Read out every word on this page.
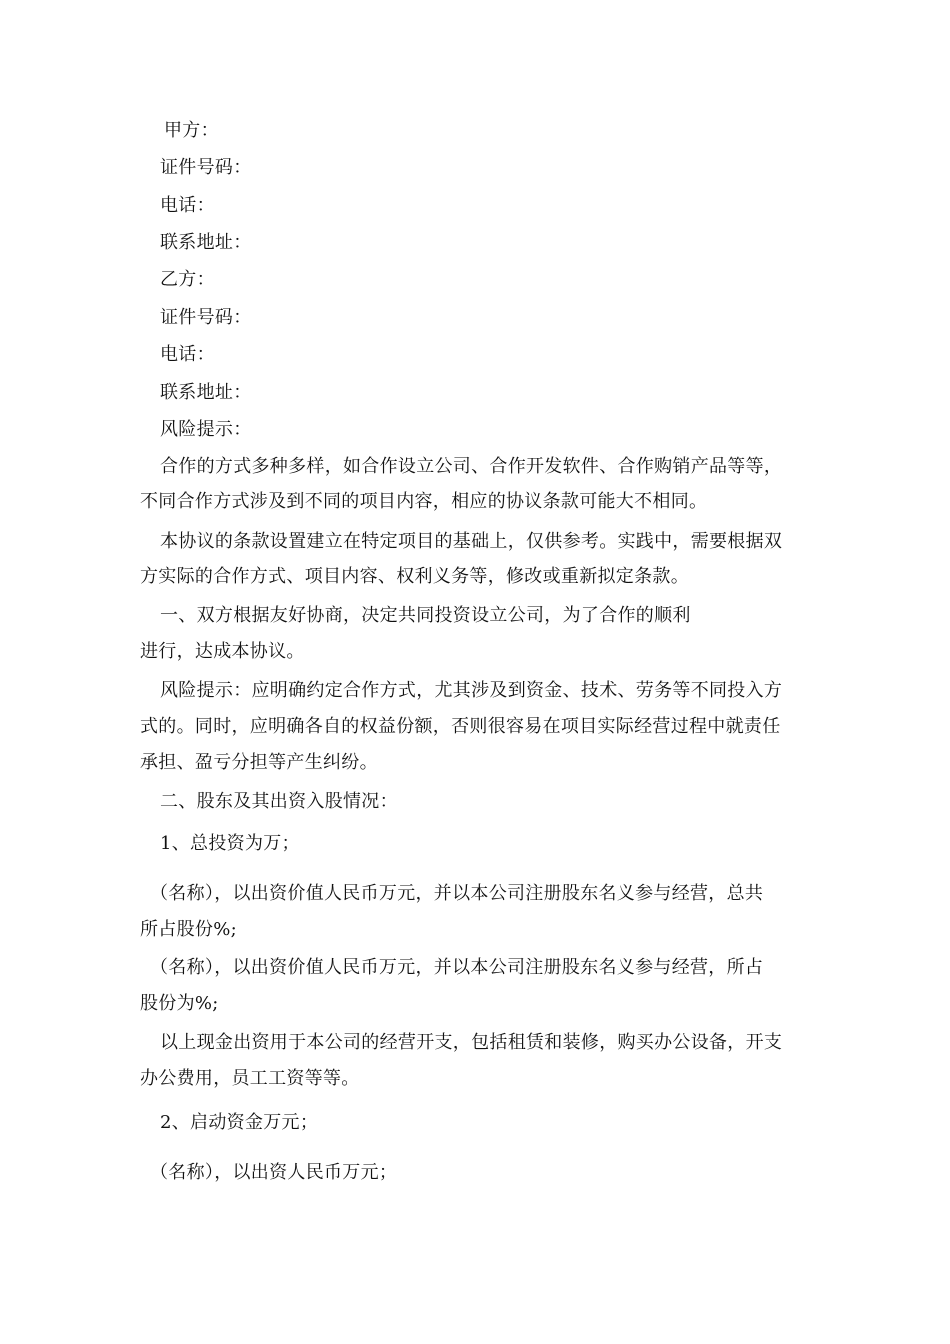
甲方：
证件号码：
电话：
联系地址：
乙方：
证件号码：
电话：
联系地址：
风险提示：
合作的方式多种多样，如合作设立公司、合作开发软件、合作购销产品等等，
不同合作方式涉及到不同的项目内容，相应的协议条款可能大不相同。
本协议的条款设置建立在特定项目的基础上，仅供参考。实践中，需要根据双
方实际的合作方式、项目内容、权利义务等，修改或重新拟定条款。
一、双方根据友好协商，决定共同投资设立公司，为了合作的顺利
进行，达成本协议。
风险提示：应明确约定合作方式，尤其涉及到资金、技术、劳务等不同投入方
式的。同时，应明确各自的权益份额，否则很容易在项目实际经营过程中就责任
承担、盈亏分担等产生纠纷。
二、股东及其出资入股情况：
1、总投资为万；
（名称），以出资价值人民币万元，并以本公司注册股东名义参与经营，总共
所占股份%;
（名称），以出资价值人民币万元，并以本公司注册股东名义参与经营，所占
股份为%;
以上现金出资用于本公司的经营开支，包括租赁和装修，购买办公设备，开支
办公费用，员工工资等等。
2、启动资金万元；
（名称），以出资人民币万元；
